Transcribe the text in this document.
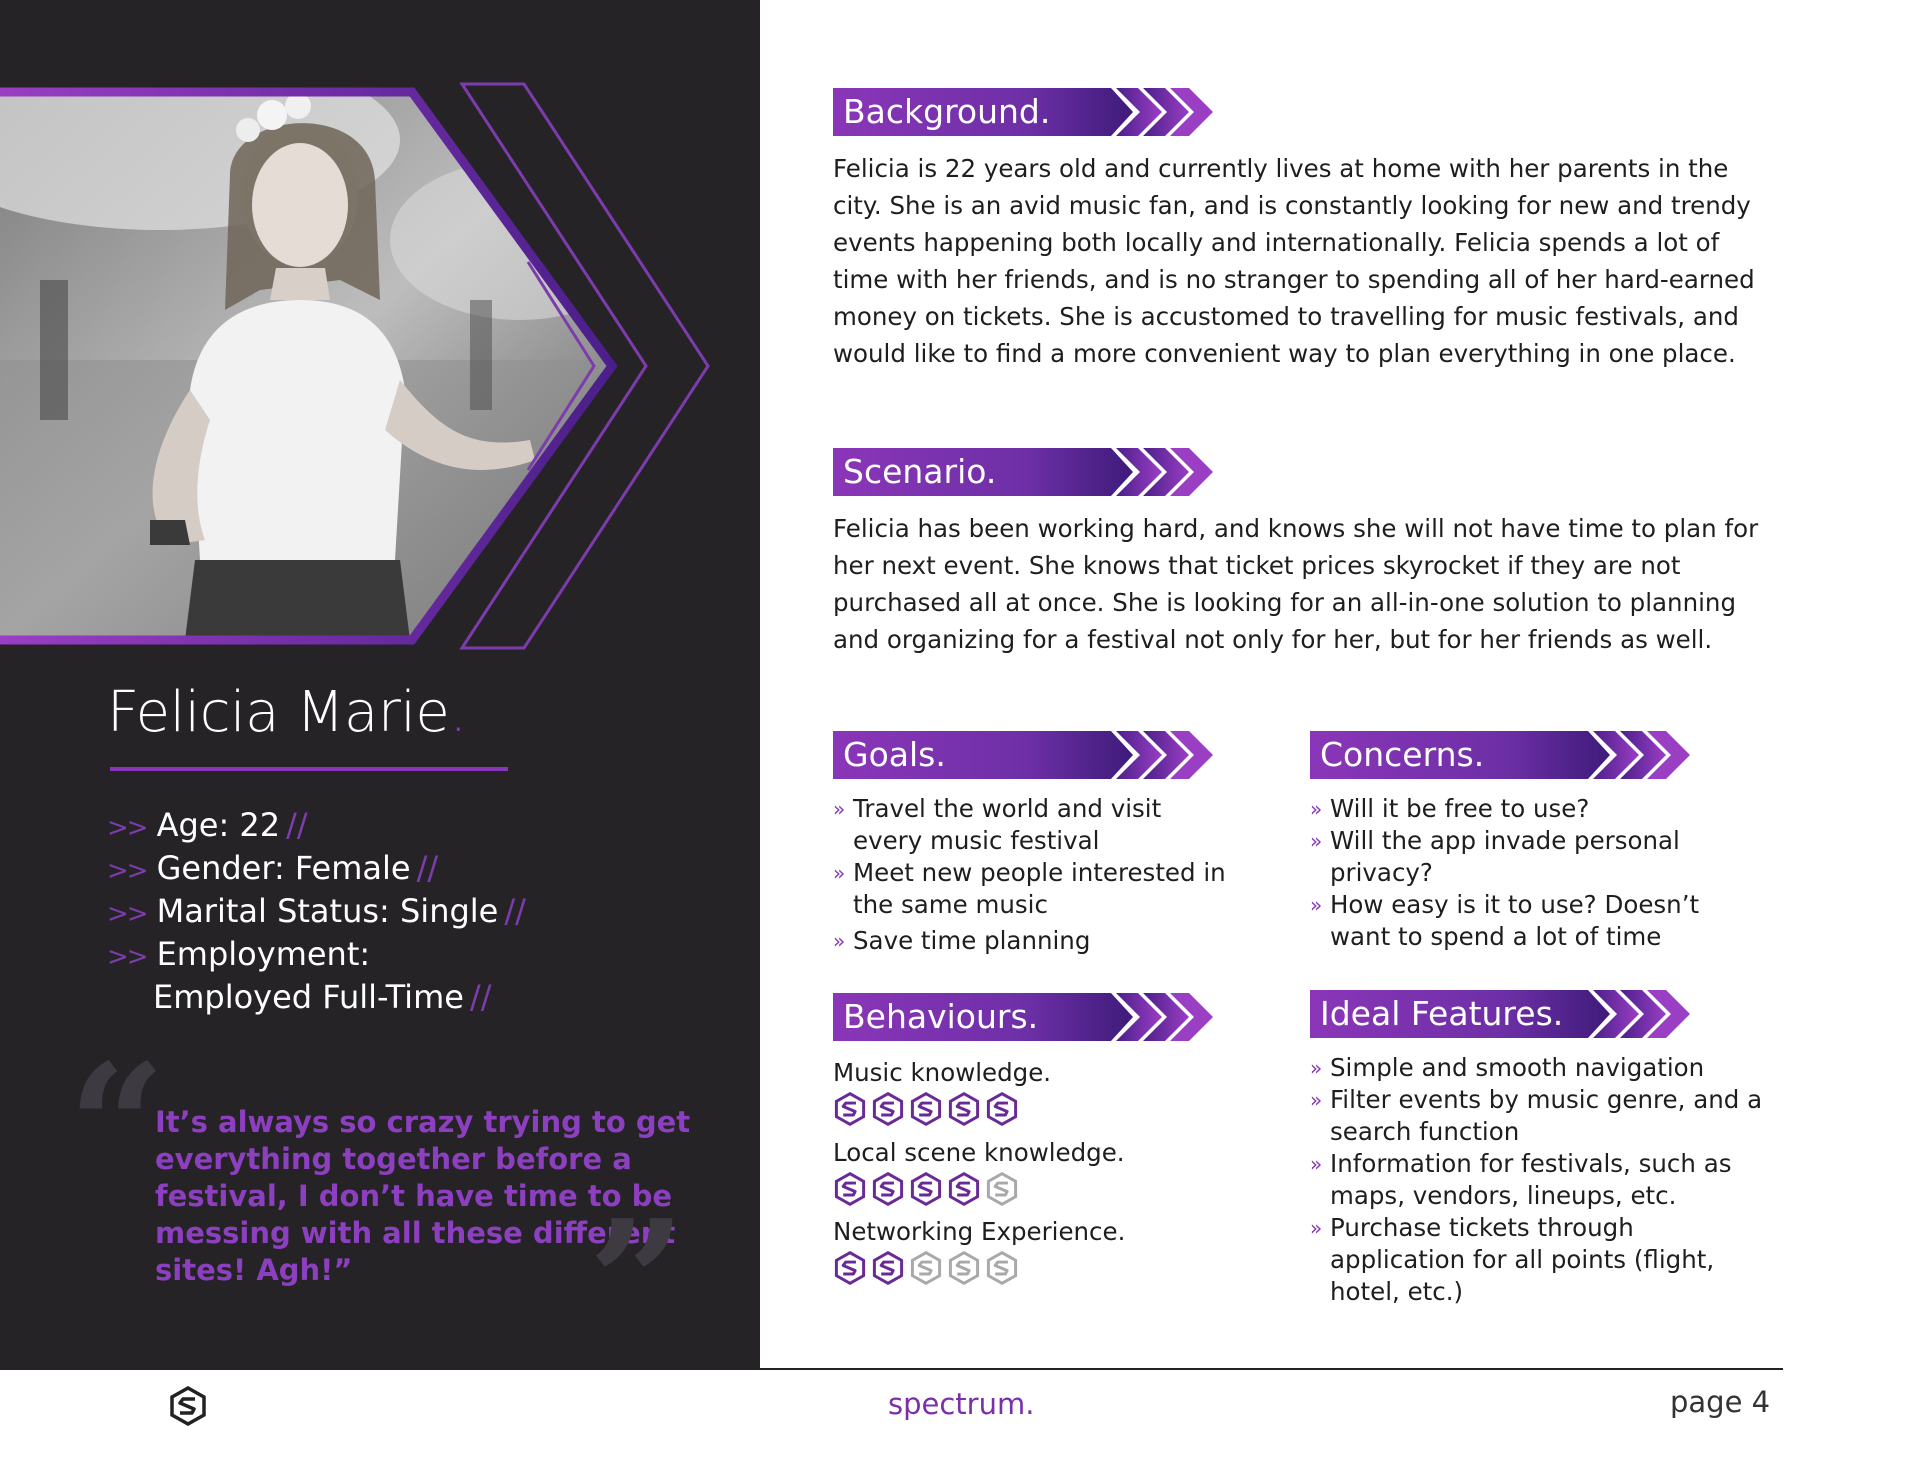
Felicia Marie.
>> Age: 22 //
>> Gender: Female //
>> Marital Status: Single //
>> Employment:
Employed Full-Time //
“

It’s always so crazy trying to get everything together before a festival, I don’t have time to be messing with all these different sites! Agh!”	”
Background.

Felicia is 22 years old and currently lives at home with her parents in the city. She is an avid music fan, and is constantly looking for new and trendy events happening both locally and internationally. Felicia spends a lot of time with her friends, and is no stranger to spending all of her hard-earned money on tickets. She is accustomed to travelling for music festivals, and would like to find a more convenient way to plan everything in one place.

Scenario.

Felicia has been working hard, and knows she will not have time to plan for her next event. She knows that ticket prices skyrocket if they are not purchased all at once. She is looking for an all-in-one solution to planning and organizing for a festival not only for her, but for her friends as well.

Goals.
» Travel the world and visit every music festival
» Meet new people interested in the same music
» Save time planning
Concerns.
» Will it be free to use?
» Will the app invade personal privacy?
» How easy is it to use? Doesn’t want to spend a lot of time
Behaviours.

Music knowledge.

Local scene knowledge.

Networking Experience.

Ideal Features.
» Simple and smooth navigation
» Filter events by music genre, and a search function
» Information for festivals, such as maps, vendors, lineups, etc.
» Purchase tickets through application for all points (flight, hotel, etc.)

spectrum.	page 4
